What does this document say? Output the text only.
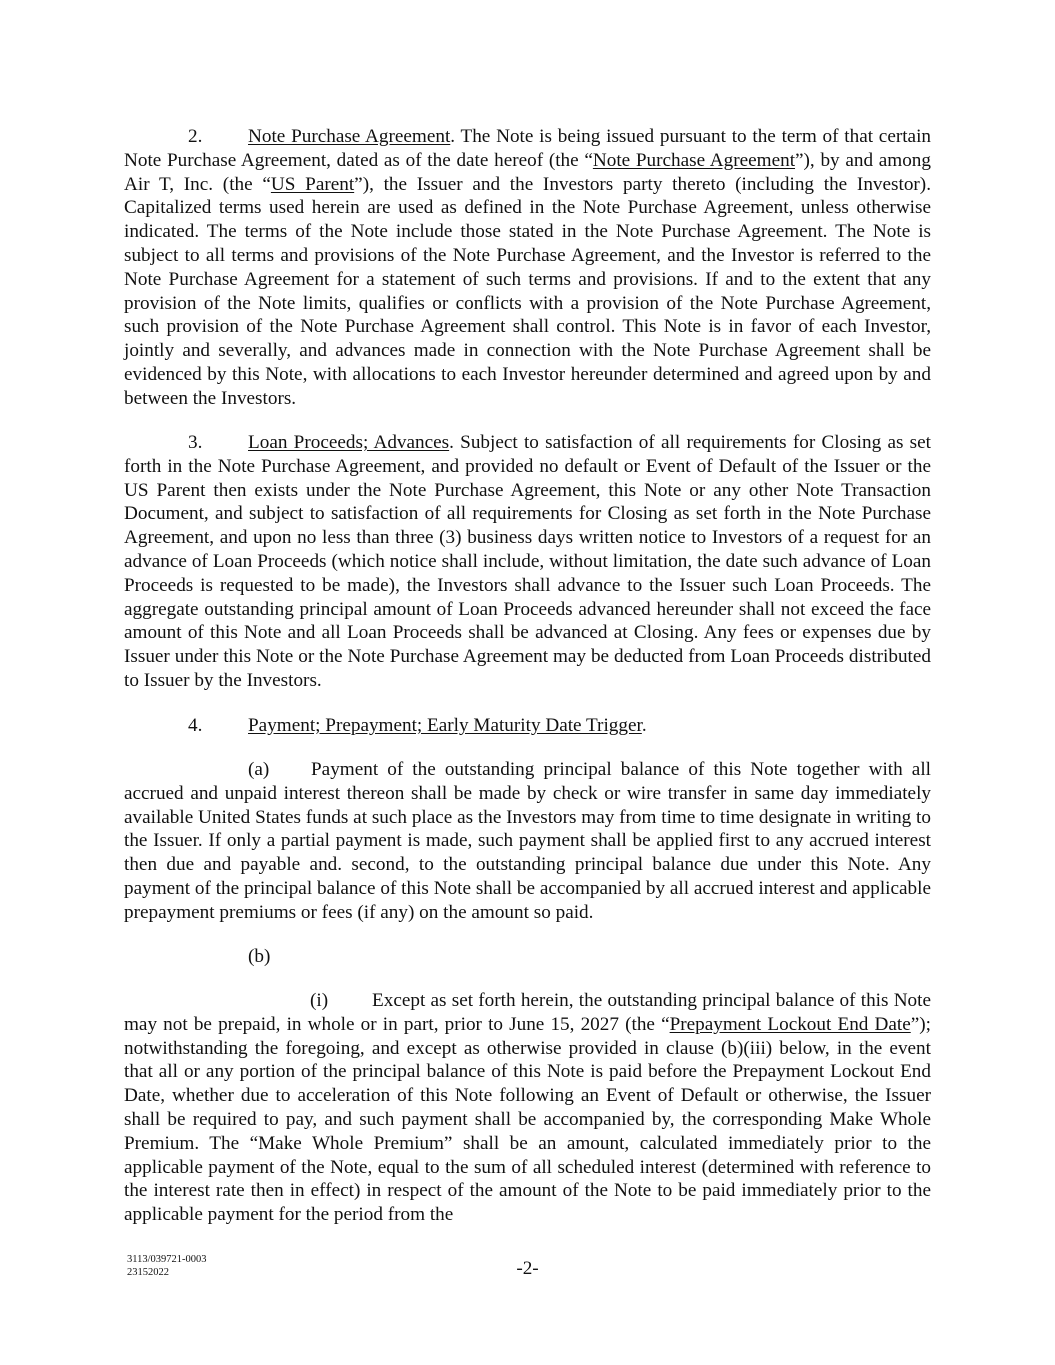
2. Note Purchase Agreement. The Note is being issued pursuant to the term of that certain Note Purchase Agreement, dated as of the date hereof (the “Note Purchase Agreement”), by and among Air T, Inc. (the “US Parent”), the Issuer and the Investors party thereto (including the Investor). Capitalized terms used herein are used as defined in the Note Purchase Agreement, unless otherwise indicated. The terms of the Note include those stated in the Note Purchase Agreement. The Note is subject to all terms and provisions of the Note Purchase Agreement, and the Investor is referred to the Note Purchase Agreement for a statement of such terms and provisions. If and to the extent that any provision of the Note limits, qualifies or conflicts with a provision of the Note Purchase Agreement, such provision of the Note Purchase Agreement shall control. This Note is in favor of each Investor, jointly and severally, and advances made in connection with the Note Purchase Agreement shall be evidenced by this Note, with allocations to each Investor hereunder determined and agreed upon by and between the Investors.

3. Loan Proceeds; Advances. Subject to satisfaction of all requirements for Closing as set forth in the Note Purchase Agreement, and provided no default or Event of Default of the Issuer or the US Parent then exists under the Note Purchase Agreement, this Note or any other Note Transaction Document, and subject to satisfaction of all requirements for Closing as set forth in the Note Purchase Agreement, and upon no less than three (3) business days written notice to Investors of a request for an advance of Loan Proceeds (which notice shall include, without limitation, the date such advance of Loan Proceeds is requested to be made), the Investors shall advance to the Issuer such Loan Proceeds. The aggregate outstanding principal amount of Loan Proceeds advanced hereunder shall not exceed the face amount of this Note and all Loan Proceeds shall be advanced at Closing. Any fees or expenses due by Issuer under this Note or the Note Purchase Agreement may be deducted from Loan Proceeds distributed to Issuer by the Investors.

4. Payment; Prepayment; Early Maturity Date Trigger.

(a) Payment of the outstanding principal balance of this Note together with all accrued and unpaid interest thereon shall be made by check or wire transfer in same day immediately available United States funds at such place as the Investors may from time to time designate in writing to the Issuer. If only a partial payment is made, such payment shall be applied first to any accrued interest then due and payable and. second, to the outstanding principal balance due under this Note. Any payment of the principal balance of this Note shall be accompanied by all accrued interest and applicable prepayment premiums or fees (if any) on the amount so paid.

(b)

(i) Except as set forth herein, the outstanding principal balance of this Note may not be prepaid, in whole or in part, prior to June 15, 2027 (the “Prepayment Lockout End Date”); notwithstanding the foregoing, and except as otherwise provided in clause (b)(iii) below, in the event that all or any portion of the principal balance of this Note is paid before the Prepayment Lockout End Date, whether due to acceleration of this Note following an Event of Default or otherwise, the Issuer shall be required to pay, and such payment shall be accompanied by, the corresponding Make Whole Premium. The “Make Whole Premium” shall be an amount, calculated immediately prior to the applicable payment of the Note, equal to the sum of all scheduled interest (determined with reference to the interest rate then in effect) in respect of the amount of the Note to be paid immediately prior to the applicable payment for the period from the

3113/039721-0003
23152022	-2-
